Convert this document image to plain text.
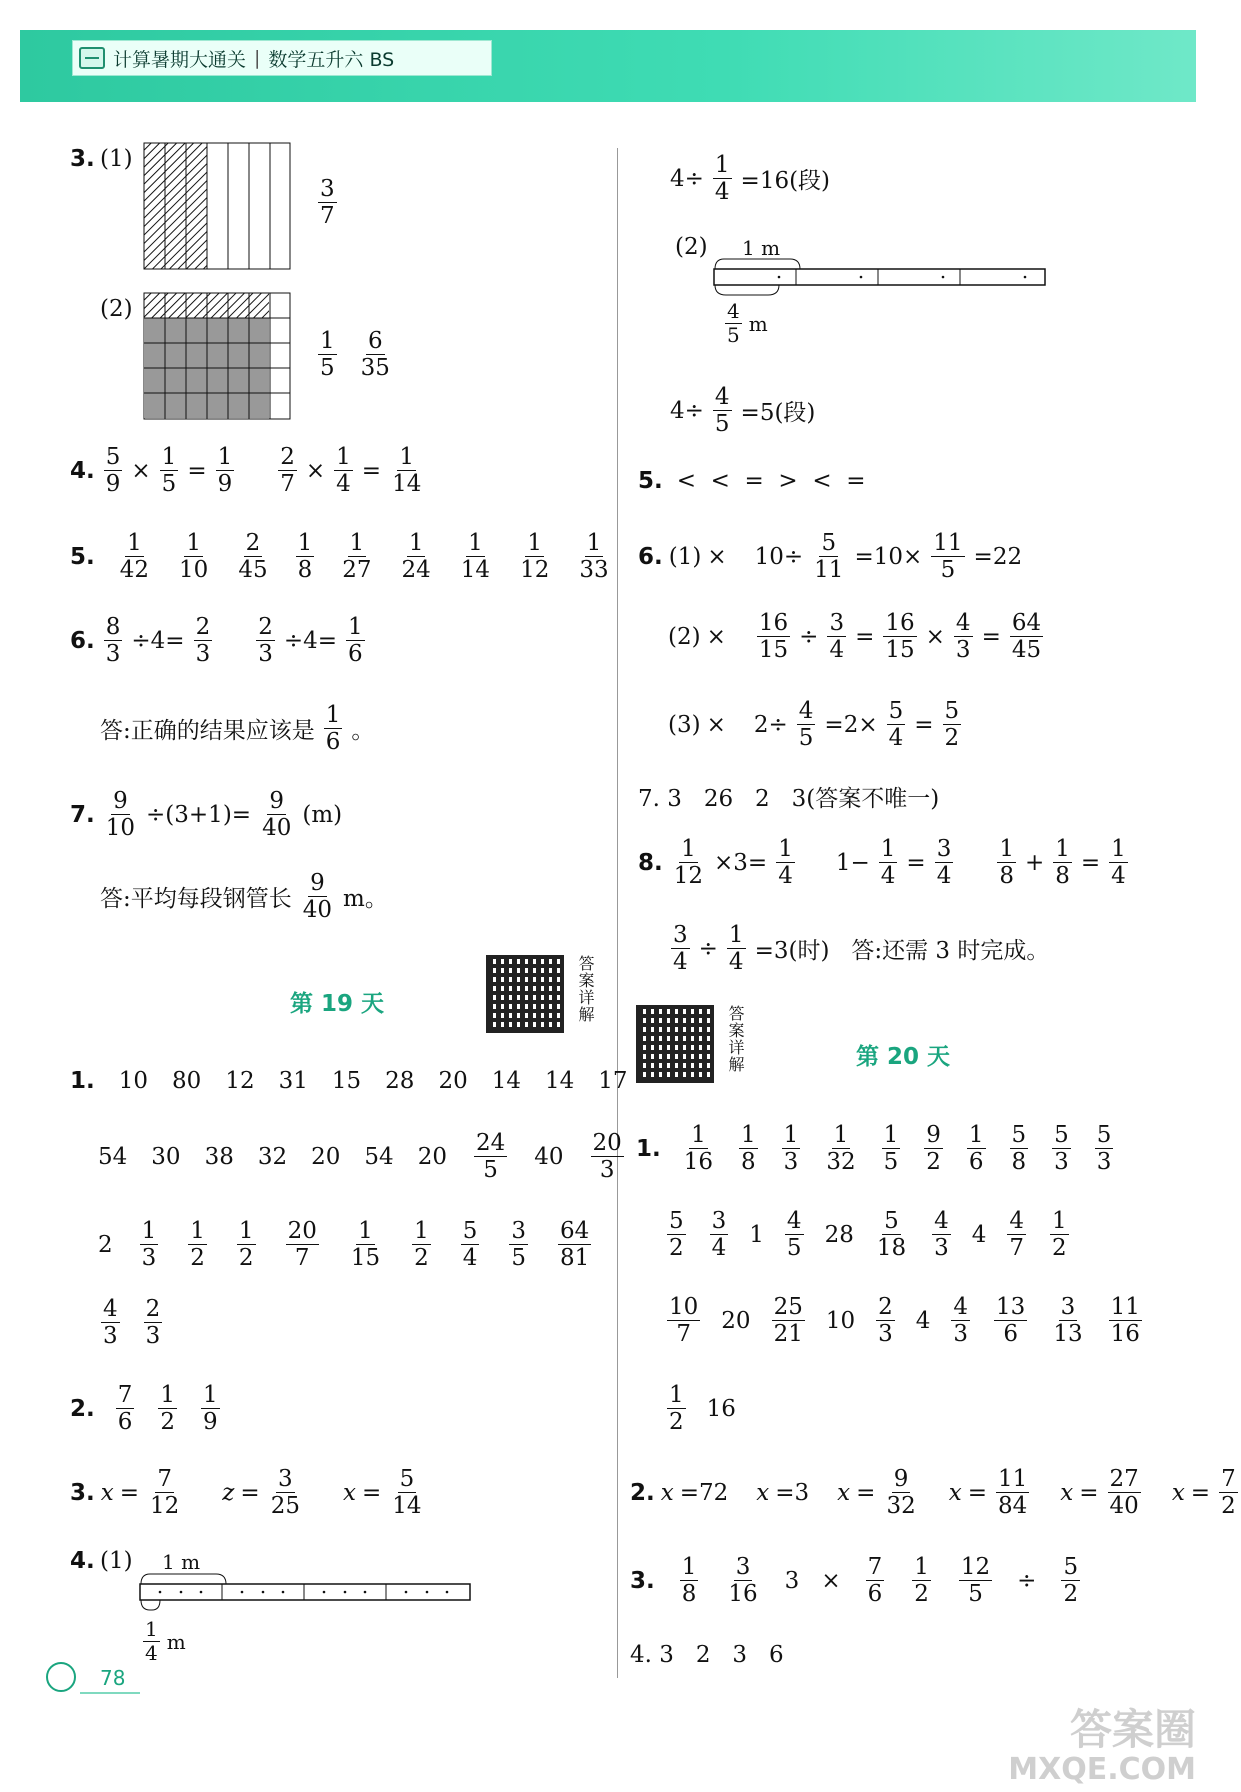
计算暑期大通关 | 数学五升六 BS
3. (1)
$\frac{3}{7}$
(2)
$\frac{1}{5} \frac{6}{35}$
4. $\frac{5}{9} \times \frac{1}{5} = \frac{1}{9} \frac{2}{7} \times \frac{1}{4} = \frac{1}{14}$
5. $\frac{1}{42} \frac{1}{10} \frac{2}{45} \frac{1}{8} \frac{1}{27} \frac{1}{24} \frac{1}{14} \frac{1}{12} \frac{1}{33}$
6. $\frac{8}{3} \div 4= \frac{2}{3} \frac{2}{3} \div 4= \frac{1}{6}$
答:正确的结果应该是 $\frac{1}{6}$ 。
7. $\frac{9}{10} \div(3+1)= \frac{9}{40} (m)$
答:平均每段钢管长 $\frac{9}{40}$ m。
第 19 天	答案详解
1. 10 80 12 31 15 28 20 14 14 17
54 30 38 32 20 54 $20 \frac{24}{5} 40 \frac{20}{3}$
$2 \frac{1}{3} \frac{1}{2} \frac{1}{2} \frac{20}{7} \frac{1}{15} \frac{1}{2} \frac{5}{4} \frac{3}{5} \frac{64}{81}$
$\frac{4}{3} \frac{2}{3}$
2. $\frac{7}{6} \frac{1}{2} \frac{1}{9}$
3. $x = \frac{7}{12}$ $z = \frac{3}{25}$ $x = \frac{5}{14}$
4. (1) 1 m
$\frac{1}{4}$ m
$4\div \frac{1}{4} =16$(段)
(2) 1 m
$\frac{4}{5}$ m
$4\div \frac{4}{5} =5$(段)
5. <  <  =  >  <  =
6. $(1) \times 10\div \frac{5}{11} =10\times \frac{11}{5} =22$
$(2) \times \frac{16}{15} \div \frac{3}{4} = \frac{16}{15} \times \frac{4}{3} = \frac{64}{45}$
$(3) \times 2\div \frac{4}{5} =2\times \frac{5}{4} = \frac{5}{2}$
7. 3   26   2   3(答案不唯一)
8. $\frac{1}{12} \times 3= \frac{1}{4} 1- \frac{1}{4} = \frac{3}{4} \frac{1}{8} + \frac{1}{8} = \frac{1}{4}$
$\frac{3}{4} \div \frac{1}{4} =3$(时)   答:还需 3 时完成。
答案详解	第 20 天
1. $\frac{1}{16} \frac{1}{8} \frac{1}{3} \frac{1}{32} \frac{1}{5} \frac{9}{2} \frac{1}{6} \frac{5}{8} \frac{5}{3} \frac{5}{3}$
$\frac{5}{2} \frac{3}{4} 1 \frac{4}{5} 28 \frac{5}{18} \frac{4}{3} 4 \frac{4}{7} \frac{1}{2}$
$\frac{10}{7} 20 \frac{25}{21} 10 \frac{2}{3} 4 \frac{4}{3} \frac{13}{6} \frac{3}{13} \frac{11}{16}$
$\frac{1}{2} 16$
2. x =72 x =3 $x = \frac{9}{32}$ $x = \frac{11}{84}$ $x = \frac{27}{40}$ $x = \frac{7}{2}$
3. $\frac{1}{8} \frac{3}{16} 3 \times \frac{7}{6} \frac{1}{2} \frac{12}{5} \div \frac{5}{2}$
4. 3   2   3   6
78
答案圈
MXQE.COM
